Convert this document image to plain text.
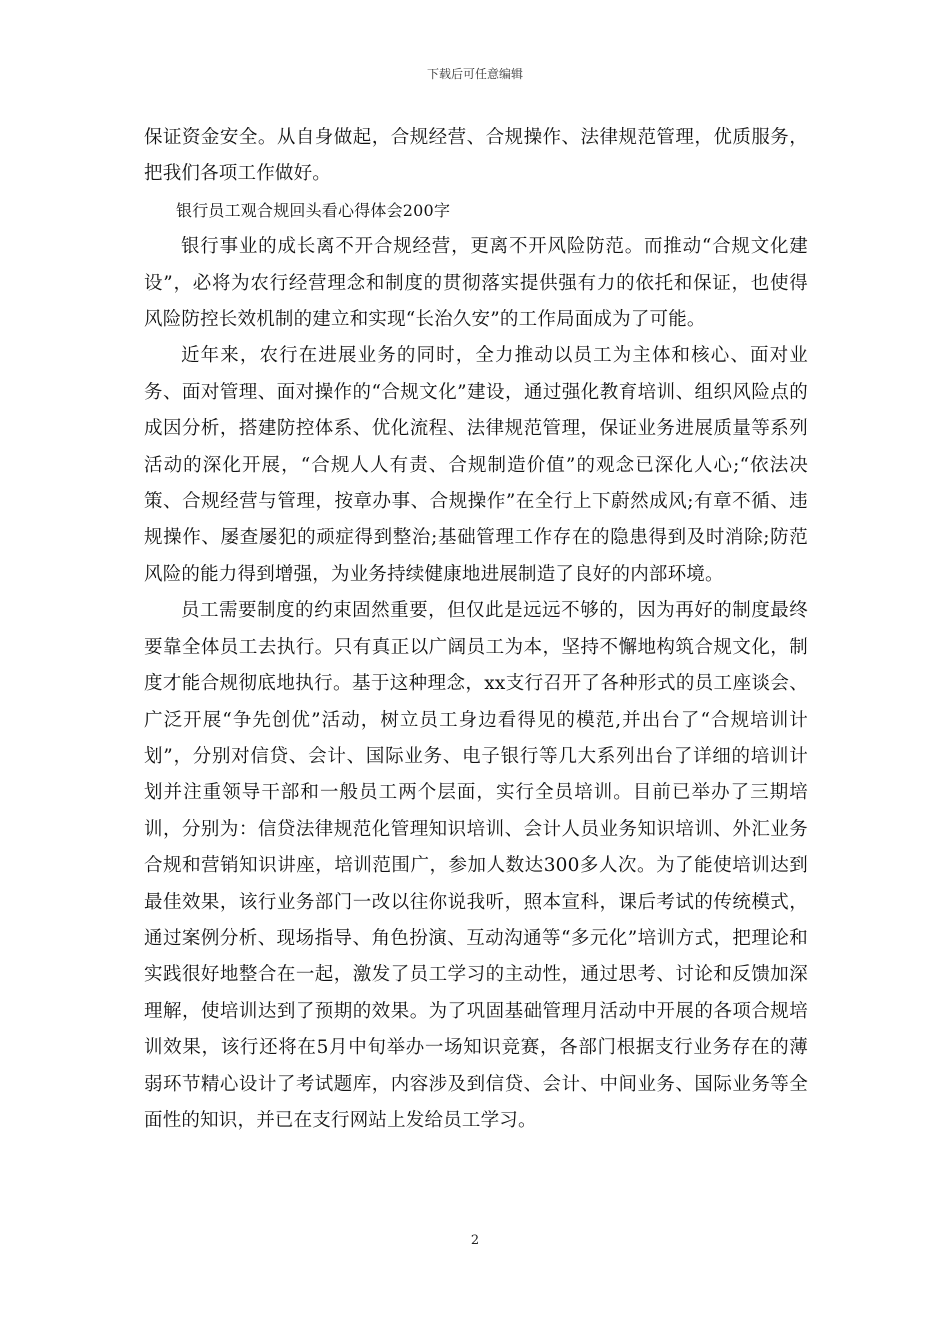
下载后可任意编辑

保证资金安全。从自身做起，合规经营、合规操作、法律规范管理，优质服务，把我们各项工作做好。

银行员工观合规回头看心得体会200字

银行事业的成长离不开合规经营，更离不开风险防范。而推动“合规文化建设”，必将为农行经营理念和制度的贯彻落实提供强有力的依托和保证，也使得风险防控长效机制的建立和实现“长治久安”的工作局面成为了可能。

近年来，农行在进展业务的同时，全力推动以员工为主体和核心、面对业务、面对管理、面对操作的“合规文化”建设，通过强化教育培训、组织风险点的成因分析，搭建防控体系、优化流程、法律规范管理，保证业务进展质量等系列活动的深化开展，“合规人人有责、合规制造价值”的观念已深化人心;“依法决策、合规经营与管理，按章办事、合规操作”在全行上下蔚然成风;有章不循、违规操作、屡查屡犯的顽症得到整治;基础管理工作存在的隐患得到及时消除;防范风险的能力得到增强，为业务持续健康地进展制造了良好的内部环境。

员工需要制度的约束固然重要，但仅此是远远不够的，因为再好的制度最终要靠全体员工去执行。只有真正以广阔员工为本，坚持不懈地构筑合规文化，制度才能合规彻底地执行。基于这种理念，xx支行召开了各种形式的员工座谈会、广泛开展“争先创优”活动，树立员工身边看得见的模范,并出台了“合规培训计划”，分别对信贷、会计、国际业务、电子银行等几大系列出台了详细的培训计划并注重领导干部和一般员工两个层面，实行全员培训。目前已举办了三期培训，分别为：信贷法律规范化管理知识培训、会计人员业务知识培训、外汇业务合规和营销知识讲座，培训范围广，参加人数达300多人次。为了能使培训达到最佳效果，该行业务部门一改以往你说我听，照本宣科，课后考试的传统模式，通过案例分析、现场指导、角色扮演、互动沟通等“多元化”培训方式，把理论和实践很好地整合在一起，激发了员工学习的主动性，通过思考、讨论和反馈加深理解，使培训达到了预期的效果。为了巩固基础管理月活动中开展的各项合规培训效果，该行还将在5月中旬举办一场知识竞赛，各部门根据支行业务存在的薄弱环节精心设计了考试题库，内容涉及到信贷、会计、中间业务、国际业务等全面性的知识，并已在支行网站上发给员工学习。

2
